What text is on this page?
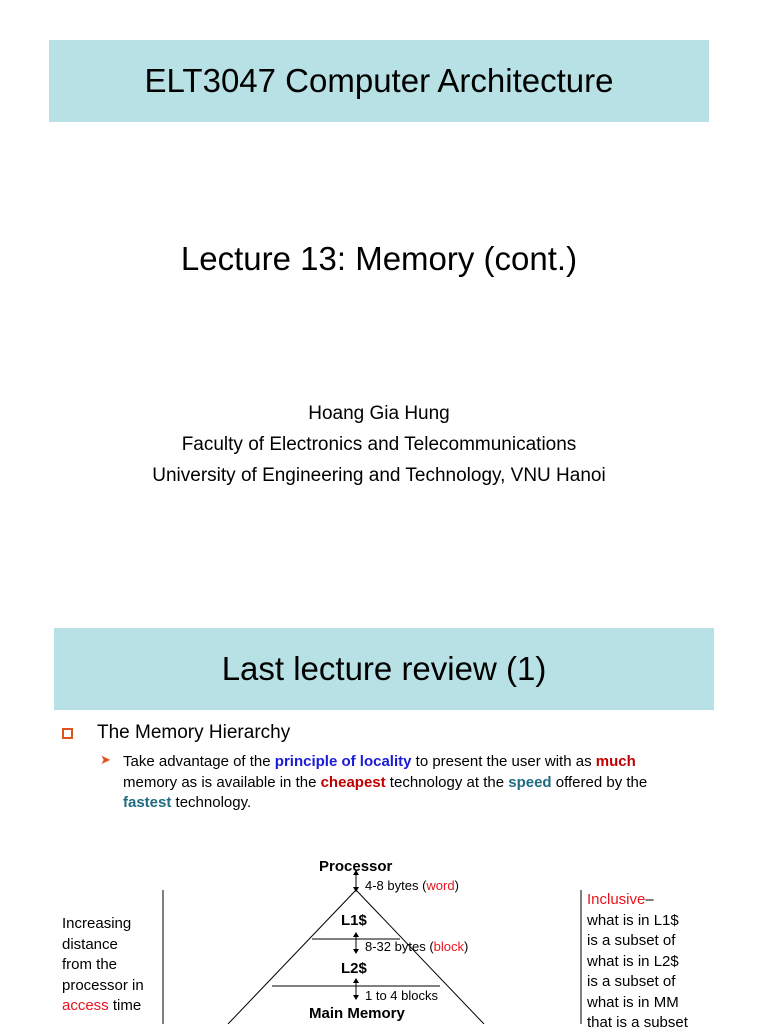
ELT3047 Computer Architecture
Lecture 13: Memory (cont.)
Hoang Gia Hung
Faculty of Electronics and Telecommunications
University of Engineering and Technology, VNU Hanoi
Last lecture review (1)
The Memory Hierarchy
➤ Take advantage of the principle of locality to present the user with as much memory as is available in the cheapest technology at the speed offered by the fastest technology.
Processor
4-8 bytes (word)
L1$
8-32 bytes (block)
L2$
1 to 4 blocks
Main Memory
Increasing
distance
from the
processor in
access time
Inclusive–
what is in L1$
is a subset of
what is in L2$
is a subset of
what is in MM
that is a subset
